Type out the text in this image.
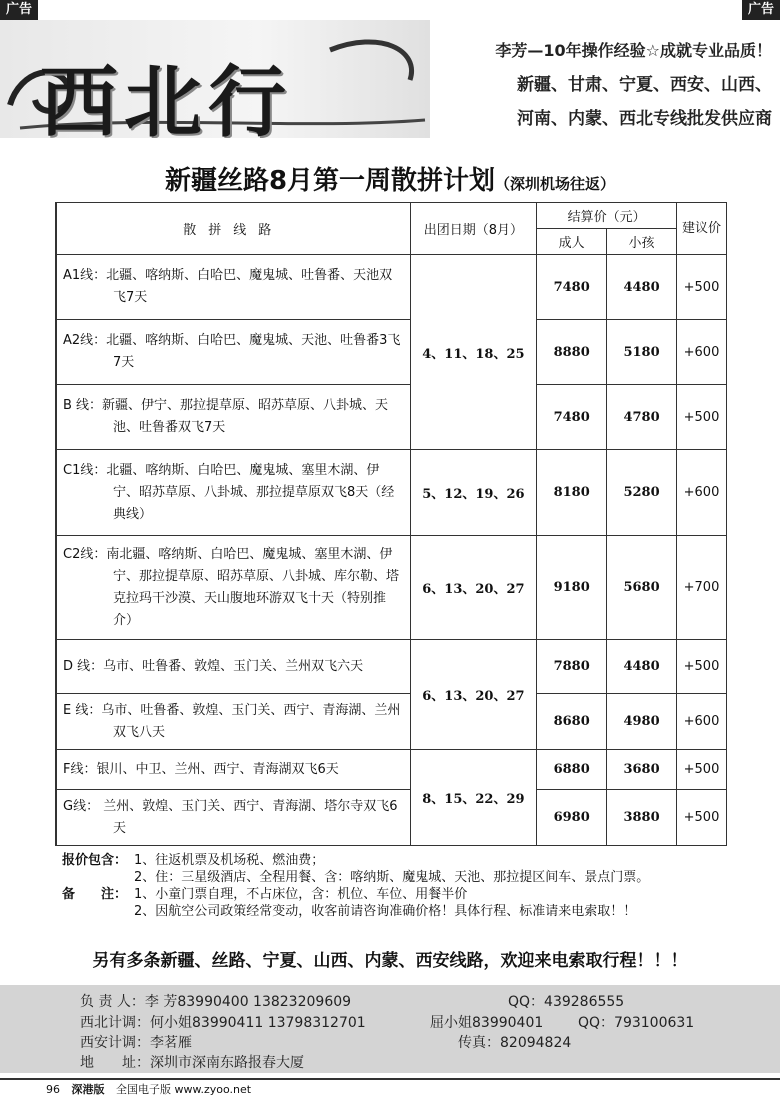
广告	广告
西北行
李芳—10年操作经验☆成就专业品质！
新疆、甘肃、宁夏、西安、山西、
河南、内蒙、西北专线批发供应商
新疆丝路8月第一周散拼计划（深圳机场往返）
散拼线路	出团日期（8月）	结算价（元）		建议价
		成人	小孩	

A1线：北疆、喀纳斯、白哈巴、魔鬼城、吐鲁番、天池双飞7天	4、11、18、25	7480	4480	+500

A2线：北疆、喀纳斯、白哈巴、魔鬼城、天池、吐鲁番3飞7天		8880	5180	+600

B 线：新疆、伊宁、那拉提草原、昭苏草原、八卦城、天池、吐鲁番双飞7天		7480	4780	+500

C1线：北疆、喀纳斯、白哈巴、魔鬼城、塞里木湖、伊宁、昭苏草原、八卦城、那拉提草原双飞8天（经典线）	5、12、19、26	8180	5280	+600

C2线：南北疆、喀纳斯、白哈巴、魔鬼城、塞里木湖、伊宁、那拉提草原、昭苏草原、八卦城、库尔勒、塔克拉玛干沙漠、天山腹地环游双飞十天（特别推介）	6、13、20、27	9180	5680	+700

D 线：乌市、吐鲁番、敦煌、玉门关、兰州双飞六天	6、13、20、27	7880	4480	+500

E 线：乌市、吐鲁番、敦煌、玉门关、西宁、青海湖、兰州双飞八天		8680	4980	+600

F线：银川、中卫、兰州、西宁、青海湖双飞6天	8、15、22、29	6880	3680	+500

G线： 兰州、敦煌、玉门关、西宁、青海湖、塔尔寺双飞6天		6980	3880	+500
报价包含： 1、往返机票及机场税、燃油费；
2、住：三星级酒店、全程用餐、含：喀纳斯、魔鬼城、天池、那拉提区间车、景点门票。
备　　注： 1、小童门票自理，不占床位，含：机位、车位、用餐半价
2、因航空公司政策经常变动，收客前请咨询准确价格！具体行程、标准请来电索取！！
另有多条新疆、丝路、宁夏、山西、内蒙、西安线路，欢迎来电索取行程！！！
负 责 人：李 芳83990400 13823209609	QQ：439286555
西北计调：何小姐83990411 13798312701	屈小姐83990401 QQ：793100631
西安计调：李茗雁	传真：82094824
地　　址：深圳市深南东路报春大厦
96 深港版 全国电子版 www.zyoo.net
